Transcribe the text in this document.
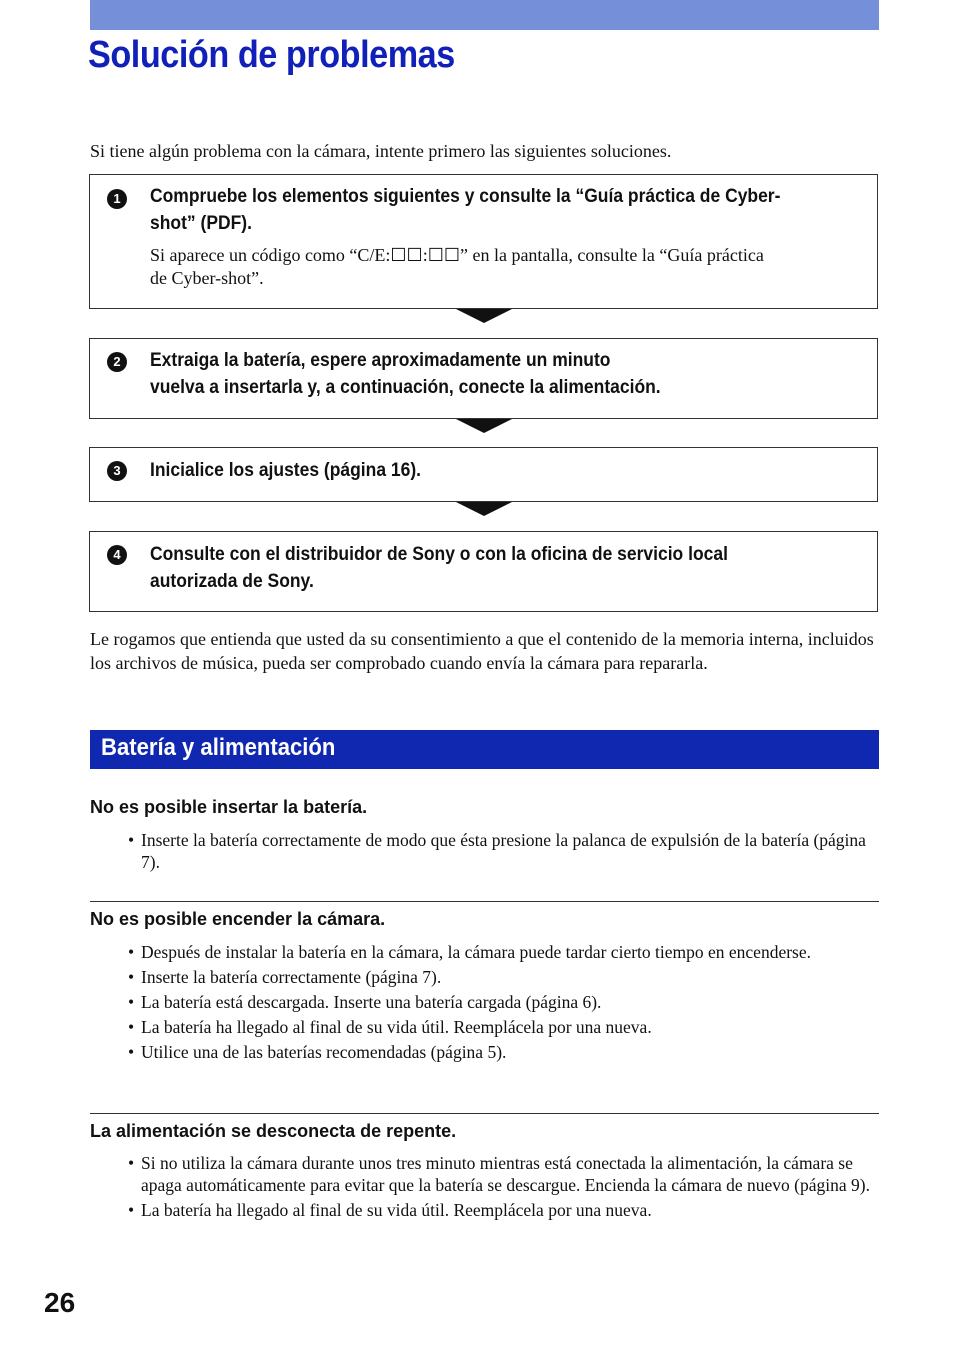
Solución de problemas
Si tiene algún problema con la cámara, intente primero las siguientes soluciones.
1	Compruebe los elementos siguientes y consulte la “Guía práctica de Cyber-
shot” (PDF).
Si aparece un código como “C/E:☐☐:☐☐” en la pantalla, consulte la “Guía práctica
de Cyber-shot”.
2	Extraiga la batería, espere aproximadamente un minuto
vuelva a insertarla y, a continuación, conecte la alimentación.
3	Inicialice los ajustes (página 16).
4	Consulte con el distribuidor de Sony o con la oficina de servicio local
autorizada de Sony.
Le rogamos que entienda que usted da su consentimiento a que el contenido de la memoria interna, incluidos los archivos de música, pueda ser comprobado cuando envía la cámara para repararla.
Batería y alimentación
No es posible insertar la batería.
• Inserte la batería correctamente de modo que ésta presione la palanca de expulsión de la batería (página 7).
No es posible encender la cámara.
• Después de instalar la batería en la cámara, la cámara puede tardar cierto tiempo en encenderse.
• Inserte la batería correctamente (página 7).
• La batería está descargada. Inserte una batería cargada (página 6).
• La batería ha llegado al final de su vida útil. Reemplácela por una nueva.
• Utilice una de las baterías recomendadas (página 5).
La alimentación se desconecta de repente.
• Si no utiliza la cámara durante unos tres minuto mientras está conectada la alimentación, la cámara se apaga automáticamente para evitar que la batería se descargue. Encienda la cámara de nuevo (página 9).
• La batería ha llegado al final de su vida útil. Reemplácela por una nueva.
26
